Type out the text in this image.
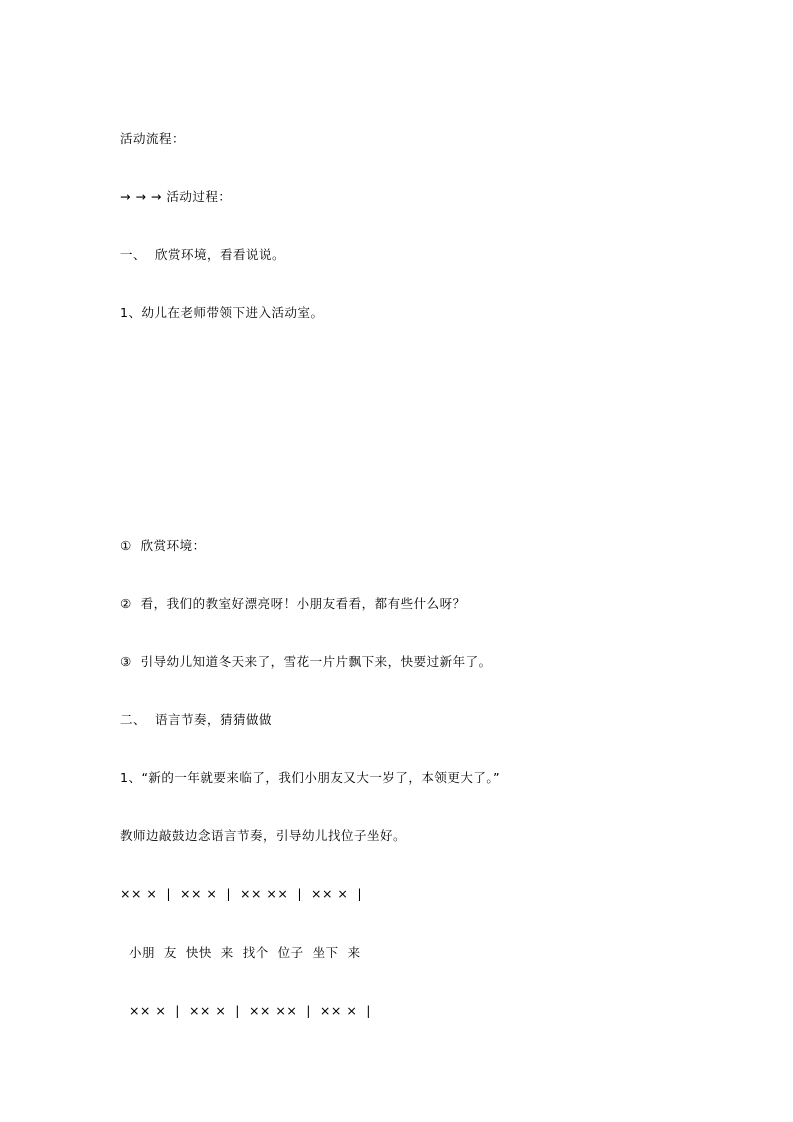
活动流程：
→ → → 活动过程：
一、  欣赏环境，看看说说。
1、幼儿在老师带领下进入活动室。
①  欣赏环境：
②  看，我们的教室好漂亮呀！小朋友看看，都有些什么呀？
③  引导幼儿知道冬天来了，雪花一片片飘下来，快要过新年了。
二、  语言节奏，猜猜做做
1、“新的一年就要来临了，我们小朋友又大一岁了，本领更大了。”
教师边敲鼓边念语言节奏，引导幼儿找位子坐好。
×× ×  |  ×× ×  |  ×× ××  |  ×× ×  |
小朋  友  快快  来  找个  位子  坐下  来
×× ×  |  ×× ×  |  ×× ××  |  ×× ×  |
